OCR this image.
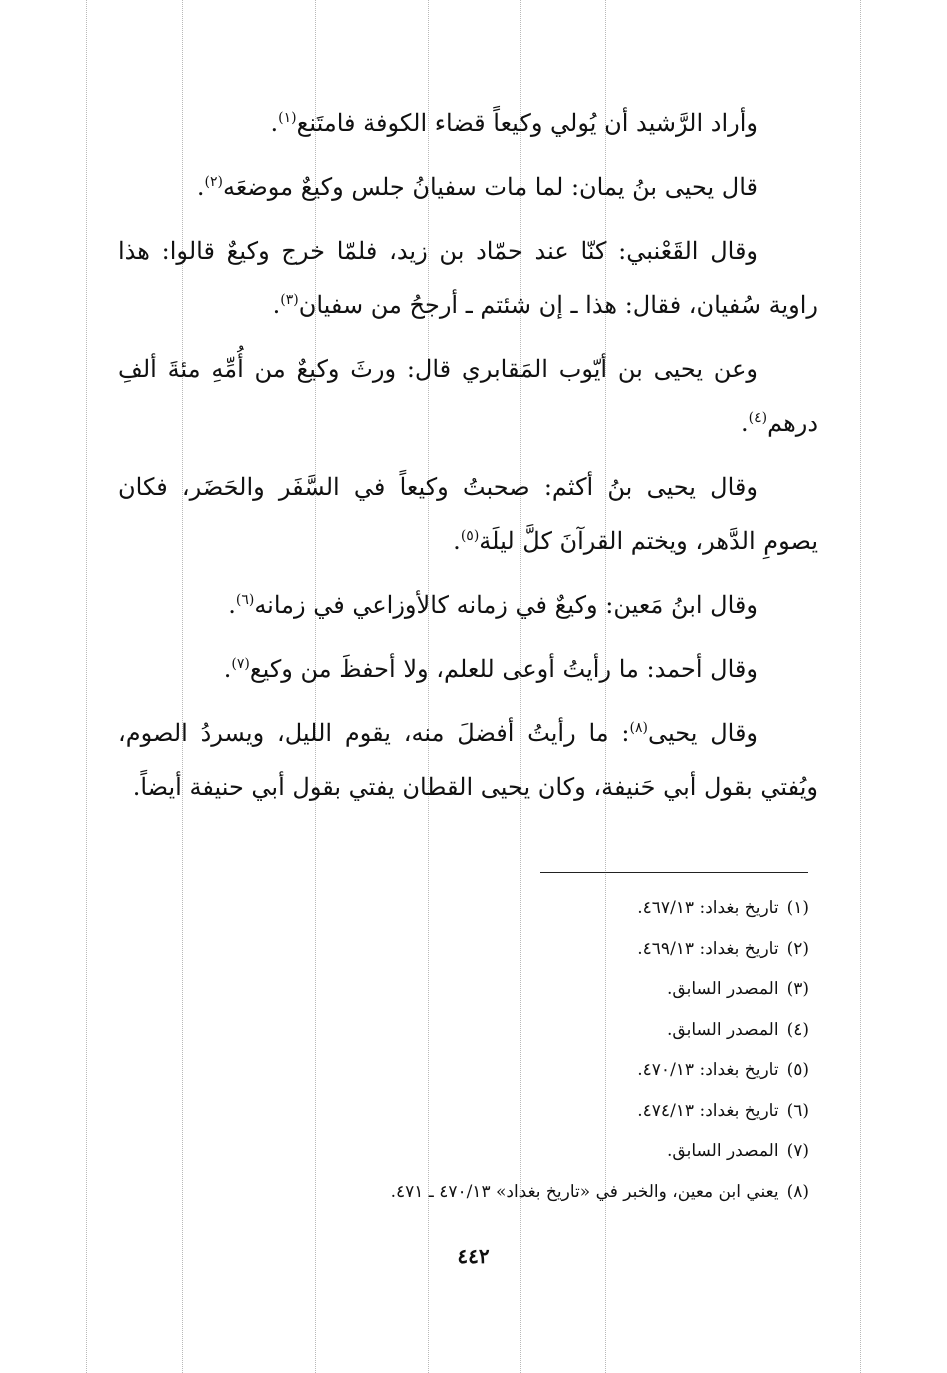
وأراد الرَّشيد أن يُولي وكيعاً قضاء الكوفة فامتَنع$^{(١)}$.

قال يحيى بنُ يمان: لما مات سفيانُ جلس وكيعٌ موضعَه$^{(٢)}$.

وقال القَعْنبي: كنّا عند حمّاد بن زيد، فلمّا خرج وكيعٌ قالوا: هذا راوية سُفيان، فقال: هذا ـ إن شئتم ـ أرجحُ من سفيان$^{(٣)}$.

وعن يحيى بن أيّوب المَقابري قال: ورثَ وكيعٌ من أُمِّهِ مئةَ ألفِ درهم$^{(٤)}$.

وقال يحيى بنُ أكثم: صحبتُ وكيعاً في السَّفَر والحَضَر، فكان يصومِ الدَّهر، ويختم القرآنَ كلَّ ليلَة$^{(٥)}$.

وقال ابنُ مَعين: وكيعٌ في زمانه كالأوزاعي في زمانه$^{(٦)}$.

وقال أحمد: ما رأيتُ أوعى للعلم، ولا أحفظَ من وكيع$^{(٧)}$.

وقال يحيى$^{(٨)}$: ما رأيتُ أفضلَ منه، يقوم الليل، ويسردُ الصوم، ويُفتي بقول أبي حَنيفة، وكان يحيى القطان يفتي بقول أبي حنيفة أيضاً.

(١)تاريخ بغداد: ٤٦٧/١٣.
(٢)تاريخ بغداد: ٤٦٩/١٣.
(٣)المصدر السابق.
(٤)المصدر السابق.
(٥)تاريخ بغداد: ٤٧٠/١٣.
(٦)تاريخ بغداد: ٤٧٤/١٣.
(٧)المصدر السابق.
(٨)يعني ابن معين، والخبر في «تاريخ بغداد» ٤٧٠/١٣ ـ ٤٧١.
٤٤٢
